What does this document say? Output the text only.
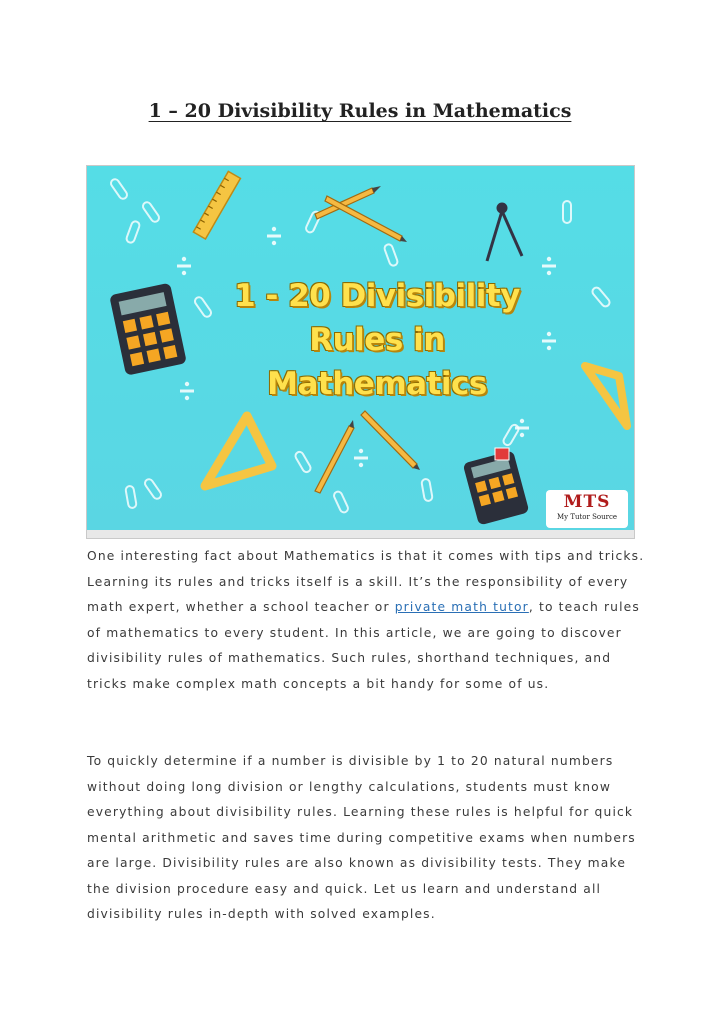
1 – 20 Divisibility Rules in Mathematics
1 - 20 Divisibility
Rules in
Mathematics
MTS
My Tutor Source

One interesting fact about Mathematics is that it comes with tips and tricks. Learning its rules and tricks itself is a skill. It’s the responsibility of every math expert, whether a school teacher or private math tutor, to teach rules of mathematics to every student. In this article, we are going to discover divisibility rules of mathematics. Such rules, shorthand techniques, and tricks make complex math concepts a bit handy for some of us.

To quickly determine if a number is divisible by 1 to 20 natural numbers without doing long division or lengthy calculations, students must know everything about divisibility rules. Learning these rules is helpful for quick mental arithmetic and saves time during competitive exams when numbers are large. Divisibility rules are also known as divisibility tests. They make the division procedure easy and quick. Let us learn and understand all divisibility rules in-depth with solved examples.
